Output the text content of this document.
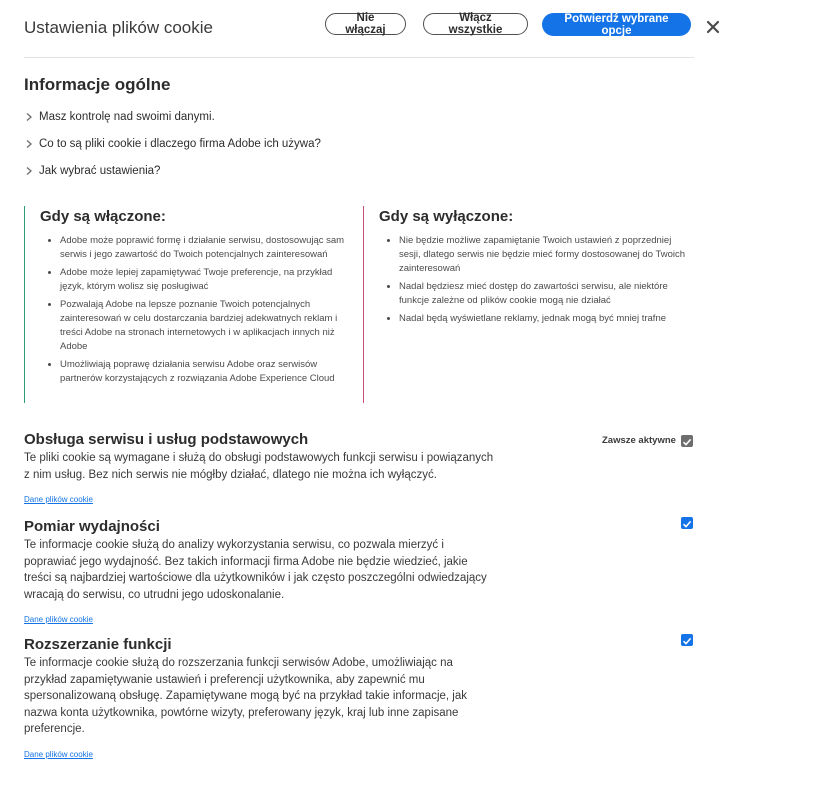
Ustawienia plików cookie	Nie włączaj
Włącz wszystkie
Potwierdź wybrane opcje
Informacje ogólne
Masz kontrolę nad swoimi danymi.
Co to są pliki cookie i dlaczego firma Adobe ich używa?
Jak wybrać ustawienia?
Gdy są włączone:
• Adobe może poprawić formę i działanie serwisu, dostosowując sam serwis i jego zawartość do Twoich potencjalnych zainteresowań
• Adobe może lepiej zapamiętywać Twoje preferencje, na przykład język, którym wolisz się posługiwać
• Pozwalają Adobe na lepsze poznanie Twoich potencjalnych zainteresowań w celu dostarczania bardziej adekwatnych reklam i treści Adobe na stronach internetowych i w aplikacjach innych niż Adobe
• Umożliwiają poprawę działania serwisu Adobe oraz serwisów partnerów korzystających z rozwiązania Adobe Experience Cloud
Gdy są wyłączone:
• Nie będzie możliwe zapamiętanie Twoich ustawień z poprzedniej sesji, dlatego serwis nie będzie mieć formy dostosowanej do Twoich zainteresowań
• Nadal będziesz mieć dostęp do zawartości serwisu, ale niektóre funkcje zależne od plików cookie mogą nie działać
• Nadal będą wyświetlane reklamy, jednak mogą być mniej trafne
Obsługa serwisu i usług podstawowych
Te pliki cookie są wymagane i służą do obsługi podstawowych funkcji serwisu i powiązanych z nim usług. Bez nich serwis nie mógłby działać, dlatego nie można ich wyłączyć.
Dane plików cookie
Zawsze aktywne
Pomiar wydajności
Te informacje cookie służą do analizy wykorzystania serwisu, co pozwala mierzyć i poprawiać jego wydajność. Bez takich informacji firma Adobe nie będzie wiedzieć, jakie treści są najbardziej wartościowe dla użytkowników i jak często poszczególni odwiedzający wracają do serwisu, co utrudni jego udoskonalanie.
Dane plików cookie
Rozszerzanie funkcji
Te informacje cookie służą do rozszerzania funkcji serwisów Adobe, umożliwiając na przykład zapamiętywanie ustawień i preferencji użytkownika, aby zapewnić mu spersonalizowaną obsługę. Zapamiętywane mogą być na przykład takie informacje, jak nazwa konta użytkownika, powtórne wizyty, preferowany język, kraj lub inne zapisane preferencje.
Dane plików cookie
